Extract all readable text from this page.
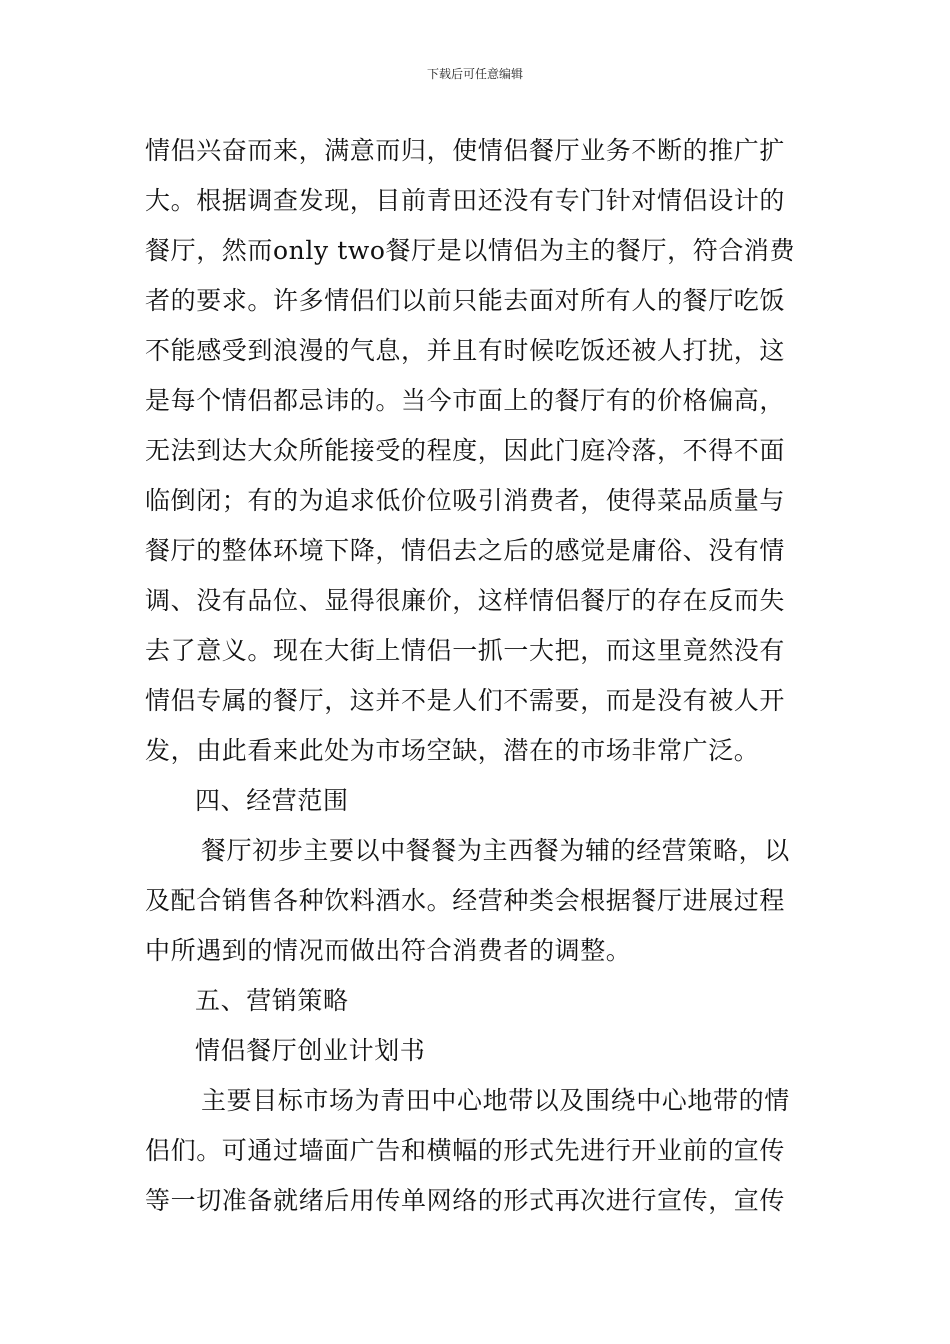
下载后可任意编辑
情侣兴奋而来，满意而归，使情侣餐厅业务不断的推广扩
大。根据调查发现，目前青田还没有专门针对情侣设计的
餐厅，然而only two餐厅是以情侣为主的餐厅，符合消费
者的要求。许多情侣们以前只能去面对所有人的餐厅吃饭
不能感受到浪漫的气息，并且有时候吃饭还被人打扰，这
是每个情侣都忌讳的。当今市面上的餐厅有的价格偏高，
无法到达大众所能接受的程度，因此门庭冷落，不得不面
临倒闭；有的为追求低价位吸引消费者，使得菜品质量与
餐厅的整体环境下降，情侣去之后的感觉是庸俗、没有情
调、没有品位、显得很廉价，这样情侣餐厅的存在反而失
去了意义。现在大街上情侣一抓一大把，而这里竟然没有
情侣专属的餐厅，这并不是人们不需要，而是没有被人开
发，由此看来此处为市场空缺，潜在的市场非常广泛。
四、经营范围
餐厅初步主要以中餐餐为主西餐为辅的经营策略，以
及配合销售各种饮料酒水。经营种类会根据餐厅进展过程
中所遇到的情况而做出符合消费者的调整。
五、营销策略
情侣餐厅创业计划书
主要目标市场为青田中心地带以及围绕中心地带的情
侣们。可通过墙面广告和横幅的形式先进行开业前的宣传
等一切准备就绪后用传单网络的形式再次进行宣传，宣传
